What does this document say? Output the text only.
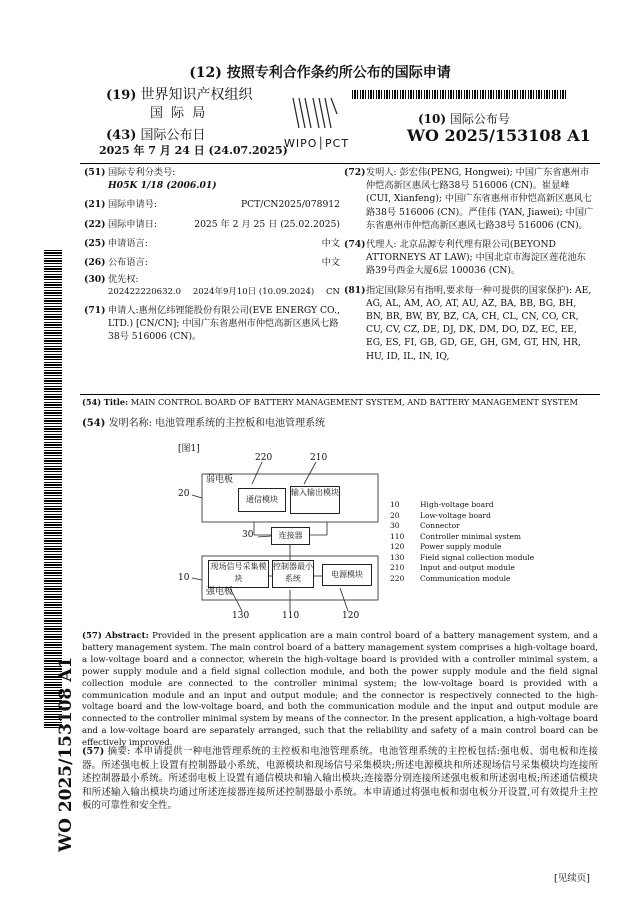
(12) 按照专利合作条约所公布的国际申请
(19) 世界知识产权组织
国 际 局
(43) 国际公布日
2025 年 7 月 24 日 (24.07.2025)
WIPO│PCT
(10) 国际公布号
WO 2025/153108 A1
WO 2025/153108 A1
(51) 国际专利分类号:
H05K 1/18 (2006.01)
(21) 国际申请号:	PCT/CN2025/078912
(22) 国际申请日:	2025 年 2 月 25 日 (25.02.2025)
(25) 申请语言:	中文
(26) 公布语言:	中文
(30) 优先权:
202422220632.0 2024年9月10日 (10.09.2024) CN
(71) 申请人:惠州亿纬锂能股份有限公司(EVE ENERGY CO., LTD.) [CN/CN]; 中国广东省惠州市仲恺高新区惠风七路38号 516006 (CN)。
(72) 发明人: 彭宏伟(PENG, Hongwei); 中国广东省惠州市仲恺高新区惠风七路38号 516006 (CN)。崔显峰 (CUI, Xianfeng); 中国广东省惠州市仲恺高新区惠风七路38号 516006 (CN)。严佳伟 (YAN, Jiawei); 中国广东省惠州市仲恺高新区惠风七路38号 516006 (CN)。
(74) 代理人: 北京品源专利代理有限公司(BEYOND ATTORNEYS AT LAW); 中国北京市海淀区莲花池东路39号西金大厦6层 100036 (CN)。
(81) 指定国(除另有指明,要求每一种可提供的国家保护): AE, AG, AL, AM, AO, AT, AU, AZ, BA, BB, BG, BH, BN, BR, BW, BY, BZ, CA, CH, CL, CN, CO, CR, CU, CV, CZ, DE, DJ, DK, DM, DO, DZ, EC, EE, EG, ES, FI, GB, GD, GE, GH, GM, GT, HN, HR, HU, ID, IL, IN, IQ,
(54) Title: MAIN CONTROL BOARD OF BATTERY MANAGEMENT SYSTEM, AND BATTERY MANAGEMENT SYSTEM
(54) 发明名称: 电池管理系统的主控板和电池管理系统
[图1]
弱电板
通信模块
输入输出模块
连接器
现场信号采集模块
控制器最小系统	电源模块
强电板
220	210
20
30
10
130	110	120
10	High-voltage board
20	Low-voltage board
30	Connector
110	Controller minimal system
120	Power supply module
130	Field signal collection module
210	Input and output module
220	Communication module
(57) Abstract: Provided in the present application are a main control board of a battery management system, and a battery management system. The main control board of a battery management system comprises a high-voltage board, a low-voltage board and a connector, wherein the high-voltage board is provided with a controller minimal system, a power supply module and a field signal collection module, and both the power supply module and the field signal collection module are connected to the controller minimal system; the low-voltage board is provided with a communication module and an input and output module; and the connector is respectively connected to the high-voltage board and the low-voltage board, and both the communication module and the input and output module are connected to the controller minimal system by means of the connector. In the present application, a high-voltage board and a low-voltage board are separately arranged, such that the reliability and safety of a main control board can be effectively improved.
(57) 摘要: 本申请提供一种电池管理系统的主控板和电池管理系统。电池管理系统的主控板包括:强电板、弱电板和连接器。所述强电板上设置有控制器最小系统、电源模块和现场信号采集模块;所述电源模块和所述现场信号采集模块均连接所述控制器最小系统。所述弱电板上设置有通信模块和输入输出模块;连接器分别连接所述强电板和所述弱电板;所述通信模块和所述输入输出模块均通过所述连接器连接所述控制器最小系统。本申请通过将强电板和弱电板分开设置,可有效提升主控板的可靠性和安全性。
[见续页]
